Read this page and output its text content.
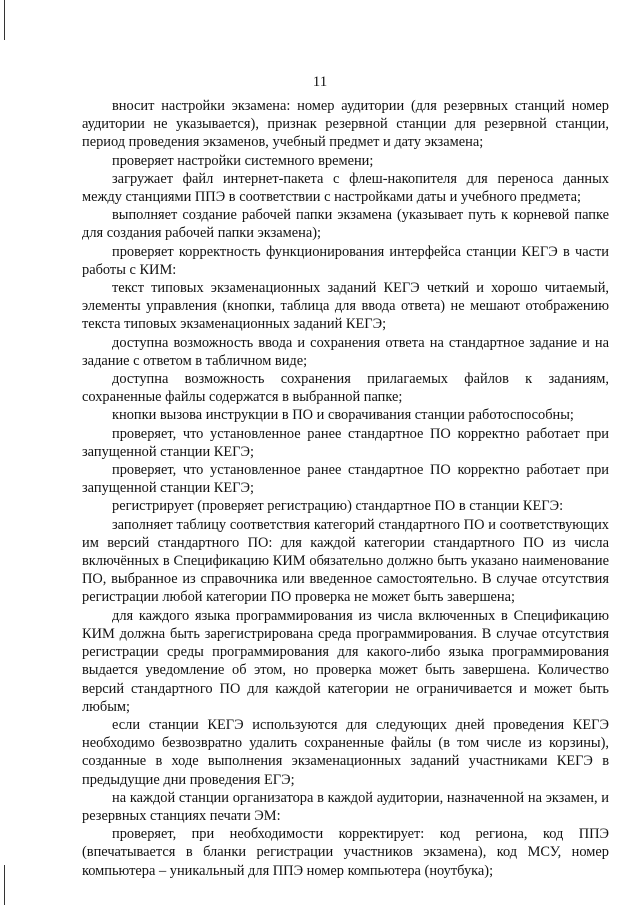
11

вносит настройки экзамена: номер аудитории (для резервных станций номер аудитории не указывается), признак резервной станции для резервной станции, период проведения экзаменов, учебный предмет и дату экзамена;

проверяет настройки системного времени;

загружает файл интернет-пакета с флеш-накопителя для переноса данных между станциями ППЭ в соответствии с настройками даты и учебного предмета;

выполняет создание рабочей папки экзамена (указывает путь к корневой папке для создания рабочей папки экзамена);

проверяет корректность функционирования интерфейса станции КЕГЭ в части работы с КИМ:

текст типовых экзаменационных заданий КЕГЭ четкий и хорошо читаемый, элементы управления (кнопки, таблица для ввода ответа) не мешают отображению текста типовых экзаменационных заданий КЕГЭ;

доступна возможность ввода и сохранения ответа на стандартное задание и на задание с ответом в табличном виде;

доступна возможность сохранения прилагаемых файлов к заданиям, сохраненные файлы содержатся в выбранной папке;

кнопки вызова инструкции в ПО и сворачивания станции работоспособны;

проверяет, что установленное ранее стандартное ПО корректно работает при запущенной станции КЕГЭ;

проверяет, что установленное ранее стандартное ПО корректно работает при запущенной станции КЕГЭ;

регистрирует (проверяет регистрацию) стандартное ПО в станции КЕГЭ:

заполняет таблицу соответствия категорий стандартного ПО и соответствующих им версий стандартного ПО: для каждой категории стандартного ПО из числа включённых в Спецификацию КИМ обязательно должно быть указано наименование ПО, выбранное из справочника или введенное самостоятельно. В случае отсутствия регистрации любой категории ПО проверка не может быть завершена;

для каждого языка программирования из числа включенных в Спецификацию КИМ должна быть зарегистрирована среда программирования. В случае отсутствия регистрации среды программирования для какого-либо языка программирования выдается уведомление об этом, но проверка может быть завершена. Количество версий стандартного ПО для каждой категории не ограничивается и может быть любым;

если станции КЕГЭ используются для следующих дней проведения КЕГЭ необходимо безвозвратно удалить сохраненные файлы (в том числе из корзины), созданные в ходе выполнения экзаменационных заданий участниками КЕГЭ в предыдущие дни проведения ЕГЭ;

на каждой станции организатора в каждой аудитории, назначенной на экзамен, и резервных станциях печати ЭМ:

проверяет, при необходимости корректирует: код региона, код ППЭ (впечатывается в бланки регистрации участников экзамена), код МСУ, номер компьютера – уникальный для ППЭ номер компьютера (ноутбука);
